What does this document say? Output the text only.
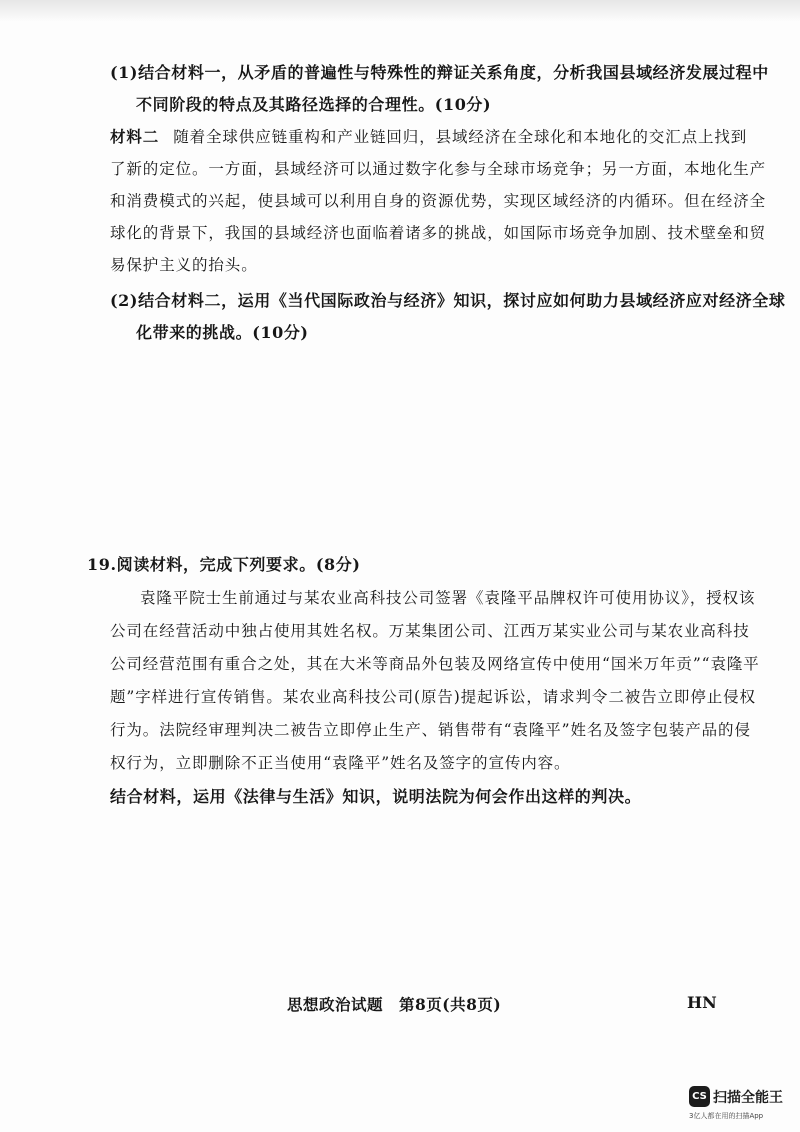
(1)结合材料一，从矛盾的普遍性与特殊性的辩证关系角度，分析我国县域经济发展过程中
不同阶段的特点及其路径选择的合理性。(10分)
材料二 随着全球供应链重构和产业链回归，县域经济在全球化和本地化的交汇点上找到
了新的定位。一方面，县域经济可以通过数字化参与全球市场竞争；另一方面，本地化生产
和消费模式的兴起，使县域可以利用自身的资源优势，实现区域经济的内循环。但在经济全
球化的背景下，我国的县域经济也面临着诸多的挑战，如国际市场竞争加剧、技术壁垒和贸
易保护主义的抬头。
(2)结合材料二，运用《当代国际政治与经济》知识，探讨应如何助力县域经济应对经济全球
化带来的挑战。(10分)
19.阅读材料，完成下列要求。(8分)
袁隆平院士生前通过与某农业高科技公司签署《袁隆平品牌权许可使用协议》，授权该
公司在经营活动中独占使用其姓名权。万某集团公司、江西万某实业公司与某农业高科技
公司经营范围有重合之处，其在大米等商品外包装及网络宣传中使用“国米万年贡”“袁隆平
题”字样进行宣传销售。某农业高科技公司(原告)提起诉讼，请求判令二被告立即停止侵权
行为。法院经审理判决二被告立即停止生产、销售带有“袁隆平”姓名及签字包装产品的侵
权行为，立即删除不正当使用“袁隆平”姓名及签字的宣传内容。
结合材料，运用《法律与生活》知识，说明法院为何会作出这样的判决。
思想政治试题　第8页(共8页)	HN
CS 扫描全能王
3亿人都在用的扫描App
